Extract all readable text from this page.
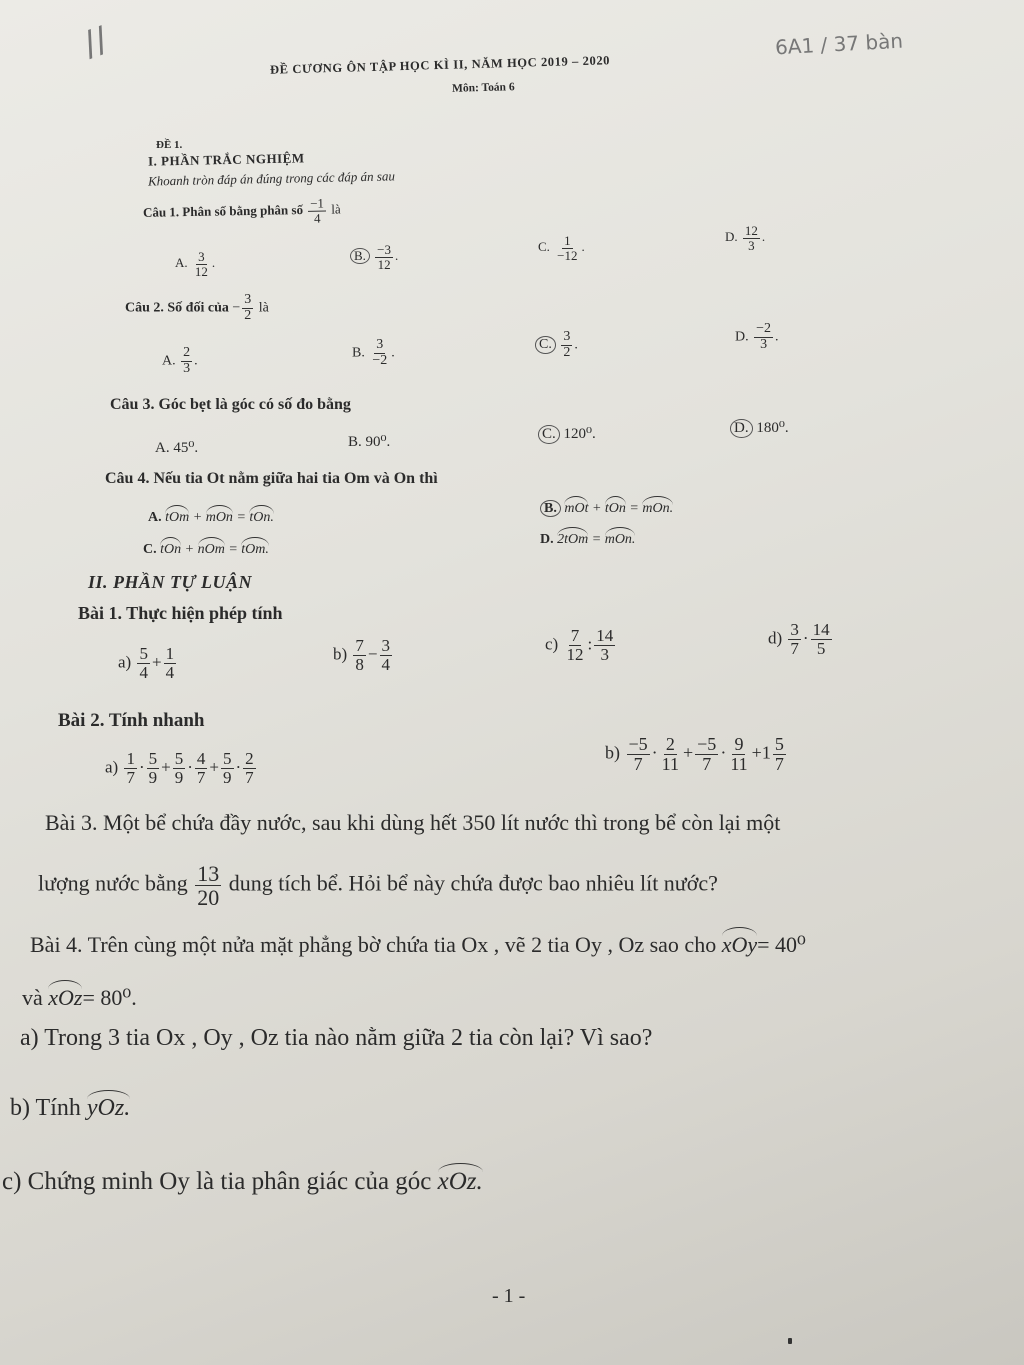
//	6A1 / 37 bàn
ĐỀ CƯƠNG ÔN TẬP HỌC KÌ II, NĂM HỌC 2019 – 2020
Môn: Toán 6
ĐỀ 1.
I. PHẦN TRẮC NGHIỆM
Khoanh tròn đáp án đúng trong các đáp án sau
Câu 1. Phân số bằng phân số $\frac{-1}{4}$ là
A. $\frac{3}{12}$ .	B. $\frac{-3}{12}$ .
C. $\frac{1}{-12}$ .
D. $\frac{12}{3}$ .
Câu 2. Số đối của − $\frac{3}{2}$ là
A. $\frac{2}{3}$ .
B. $\frac{3}{-2}$ .
C. $\frac{3}{2}$ .
D. $\frac{-2}{3}$ .
Câu 3. Góc bẹt là góc có số đo bằng
A. 45⁰.	B. 90⁰.	C. 120⁰.	D. 180⁰.
Câu 4. Nếu tia Ot nằm giữa hai tia Om và On thì
A. tOm + mOn = tOn.
B. mOt + tOn = mOn.
C. tOn + nOm = tOm.
D. 2tOm = mOn.
II. PHẦN TỰ LUẬN
Bài 1. Thực hiện phép tính
$a) \frac{5}{4} + \frac{1}{4}$	$b) \frac{7}{8} - \frac{3}{4}$	$c) \frac{7}{12}$ : $\frac{14}{3}$	$d) \frac{3}{7} \cdot \frac{14}{5}$
Bài 2. Tính nhanh
$a) \frac{1}{7} \cdot \frac{5}{9} + \frac{5}{9} \cdot \frac{4}{7} + \frac{5}{9} \cdot \frac{2}{7}$	$b) \frac{-5}{7} \cdot \frac{2}{11} + \frac{-5}{7} \cdot \frac{9}{11} +1 \frac{5}{7}$
Bài 3. Một bể chứa đầy nước, sau khi dùng hết 350 lít nước thì trong bể còn lại một
lượng nước bằng $\frac{13}{20}$ dung tích bể. Hỏi bể này chứa được bao nhiêu lít nước?
Bài 4. Trên cùng một nửa mặt phẳng bờ chứa tia Ox , vẽ 2 tia Oy , Oz sao cho xOy= 40⁰
và xOz= 80⁰.
a) Trong 3 tia Ox , Oy , Oz tia nào nằm giữa 2 tia còn lại? Vì sao?
b) Tính yOz.
c) Chứng minh Oy là tia phân giác của góc xOz.
- 1 -
